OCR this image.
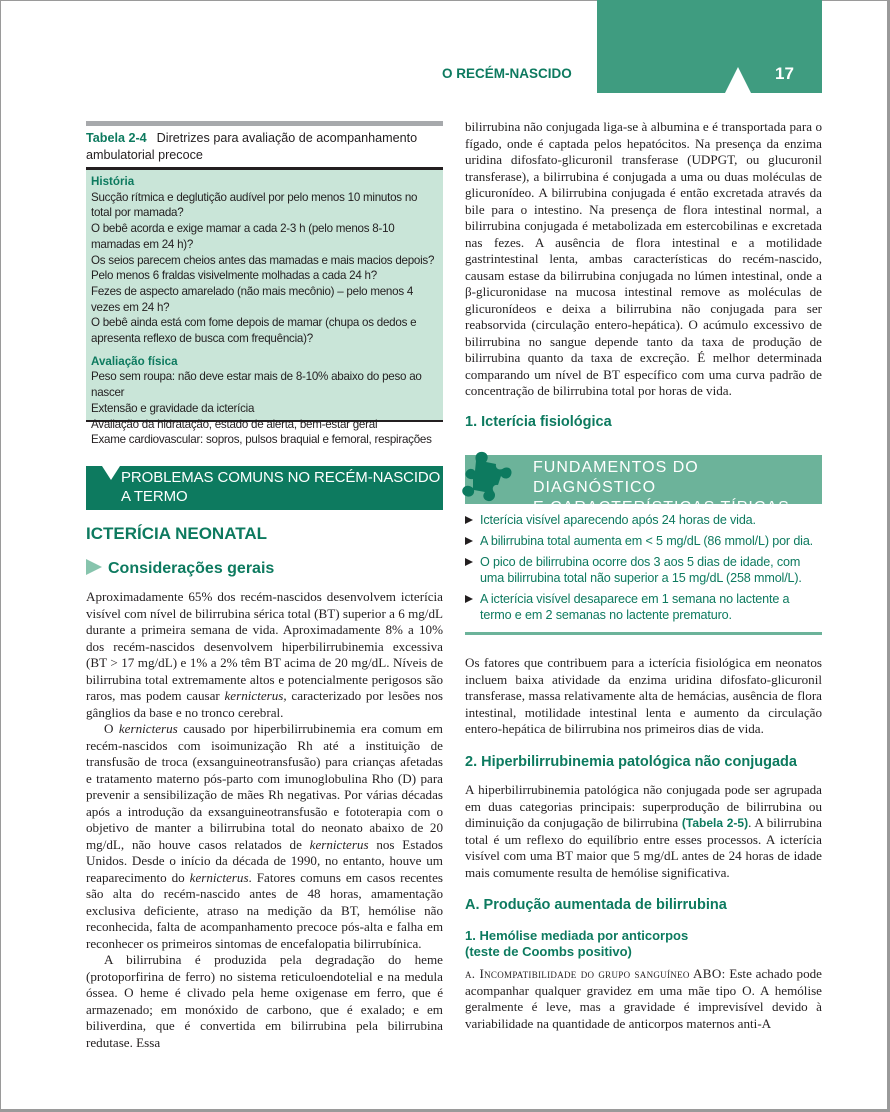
O RECÉM-NASCIDO	17
Tabela 2-4 Diretrizes para avaliação de acompanhamento ambulatorial precoce
História
Sucção rítmica e deglutição audível por pelo menos 10 minutos no total por mamada?
O bebê acorda e exige mamar a cada 2-3 h (pelo menos 8-10 mamadas em 24 h)?
Os seios parecem cheios antes das mamadas e mais macios depois?
Pelo menos 6 fraldas visivelmente molhadas a cada 24 h?
Fezes de aspecto amarelado (não mais mecônio) – pelo menos 4 vezes em 24 h?
O bebê ainda está com fome depois de mamar (chupa os dedos e apresenta reflexo de busca com frequência)?
Avaliação física
Peso sem roupa: não deve estar mais de 8-10% abaixo do peso ao nascer
Extensão e gravidade da icterícia
Avaliação da hidratação, estado de alerta, bem-estar geral
Exame cardiovascular: sopros, pulsos braquial e femoral, respirações
PROBLEMAS COMUNS NO RECÉM-NASCIDO A TERMO
ICTERÍCIA NEONATAL
Considerações gerais

Aproximadamente 65% dos recém-nascidos desenvolvem icterícia visível com nível de bilirrubina sérica total (BT) superior a 6 mg/dL durante a primeira semana de vida. Aproximadamente 8% a 10% dos recém-nascidos desenvolvem hiperbilirrubinemia excessiva (BT > 17 mg/dL) e 1% a 2% têm BT acima de 20 mg/dL. Níveis de bilirrubina total extremamente altos e potencialmente perigosos são raros, mas podem causar kernicterus, caracterizado por lesões nos gânglios da base e no tronco cerebral.

O kernicterus causado por hiperbilirrubinemia era comum em recém-nascidos com isoimunização Rh até a instituição de transfusão de troca (exsanguineotransfusão) para crianças afetadas e tratamento materno pós-parto com imunoglobulina Rho (D) para prevenir a sensibilização de mães Rh negativas. Por várias décadas após a introdução da exsanguineotransfusão e fototerapia com o objetivo de manter a bilirrubina total do neonato abaixo de 20 mg/dL, não houve casos relatados de kernicterus nos Estados Unidos. Desde o início da década de 1990, no entanto, houve um reaparecimento do kernicterus. Fatores comuns em casos recentes são alta do recém-nascido antes de 48 horas, amamentação exclusiva deficiente, atraso na medição da BT, hemólise não reconhecida, falta de acompanhamento precoce pós-alta e falha em reconhecer os primeiros sintomas de encefalopatia bilirrubínica.

A bilirrubina é produzida pela degradação do heme (protoporfirina de ferro) no sistema reticuloendotelial e na medula óssea. O heme é clivado pela heme oxigenase em ferro, que é armazenado; em monóxido de carbono, que é exalado; e em biliverdina, que é convertida em bilirrubina pela bilirrubina redutase. Essa

bilirrubina não conjugada liga-se à albumina e é transportada para o fígado, onde é captada pelos hepatócitos. Na presença da enzima uridina difosfato-glicuronil transferase (UDPGT, ou glucuronil transferase), a bilirrubina é conjugada a uma ou duas moléculas de glicuronídeo. A bilirrubina conjugada é então excretada através da bile para o intestino. Na presença de flora intestinal normal, a bilirrubina conjugada é metabolizada em estercobilinas e excretada nas fezes. A ausência de flora intestinal e a motilidade gastrintestinal lenta, ambas características do recém-nascido, causam estase da bilirrubina conjugada no lúmen intestinal, onde a β-glicuronidase na mucosa intestinal remove as moléculas de glicuronídeos e deixa a bilirrubina não conjugada para ser reabsorvida (circulação entero-hepática). O acúmulo excessivo de bilirrubina no sangue depende tanto da taxa de produção de bilirrubina quanto da taxa de excreção. É melhor determinada comparando um nível de BT específico com uma curva padrão de concentração de bilirrubina total por horas de vida.

1. Icterícia fisiológica
FUNDAMENTOS DO DIAGNÓSTICO
E CARACTERÍSTICAS TÍPICAS
Icterícia visível aparecendo após 24 horas de vida.
A bilirrubina total aumenta em < 5 mg/dL (86 mmol/L) por dia.
O pico de bilirrubina ocorre dos 3 aos 5 dias de idade, com uma bilirrubina total não superior a 15 mg/dL (258 mmol/L).
A icterícia visível desaparece em 1 semana no lactente a termo e em 2 semanas no lactente prematuro.

Os fatores que contribuem para a icterícia fisiológica em neonatos incluem baixa atividade da enzima uridina difosfato-glicuronil transferase, massa relativamente alta de hemácias, ausência de flora intestinal, motilidade intestinal lenta e aumento da circulação entero-hepática de bilirrubina nos primeiros dias de vida.

2. Hiperbilirrubinemia patológica não conjugada

A hiperbilirrubinemia patológica não conjugada pode ser agrupada em duas categorias principais: superprodução de bilirrubina ou diminuição da conjugação de bilirrubina (Tabela 2-5). A bilirrubina total é um reflexo do equilíbrio entre esses processos. A icterícia visível com uma BT maior que 5 mg/dL antes de 24 horas de idade mais comumente resulta de hemólise significativa.

A. Produção aumentada de bilirrubina
1. Hemólise mediada por anticorpos
(teste de Coombs positivo)

a. Incompatibilidade do grupo sanguíneo ABO: Este achado pode acompanhar qualquer gravidez em uma mãe tipo O. A hemólise geralmente é leve, mas a gravidade é imprevisível devido à variabilidade na quantidade de anticorpos maternos anti-A
